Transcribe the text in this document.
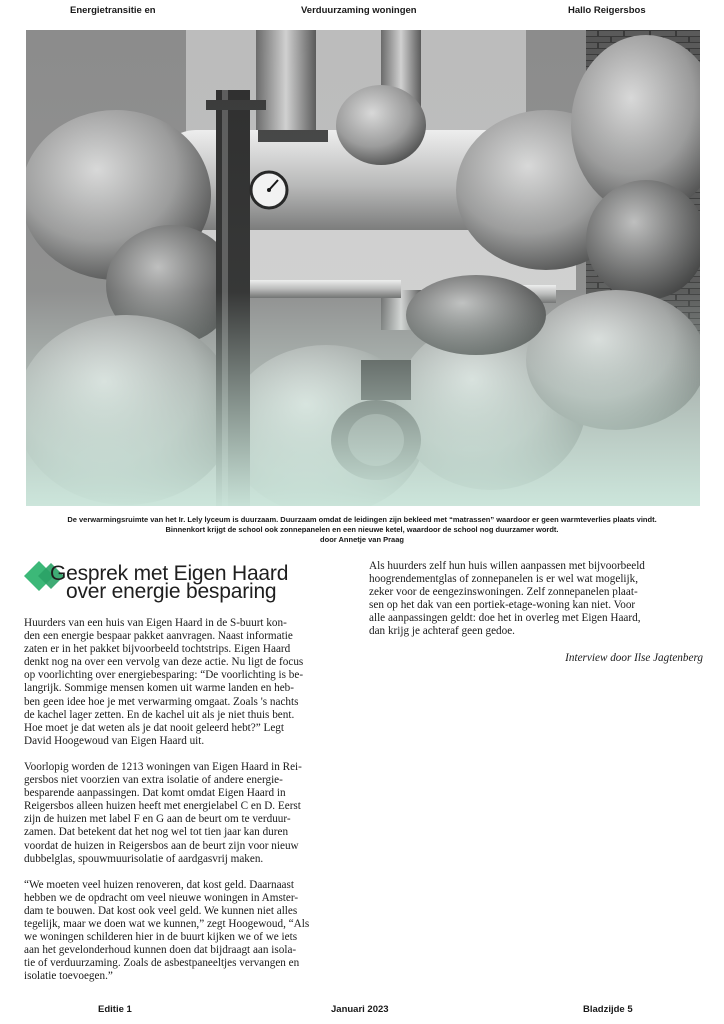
Energietransitie en	Verduurzaming woningen	Hallo Reigersbos
De verwarmingsruimte van het Ir. Lely lyceum is duurzaam. Duurzaam omdat de leidingen zijn bekleed met “matrassen” waardoor er geen warmteverlies plaats vindt.
Binnenkort krijgt de school ook zonnepanelen en een nieuwe ketel, waardoor de school nog duurzamer wordt.
door Annetje van Praag
Gesprek met Eigen Haard
over energie besparing

Huurders van een huis van Eigen Haard in de S-buurt kon-
den een energie bespaar pakket aanvragen. Naast informatie
zaten er in het pakket bijvoorbeeld tochtstrips. Eigen Haard
denkt nog na over een vervolg van deze actie. Nu ligt de focus
op voorlichting over energiebesparing: “De voorlichting is be-
langrijk. Sommige mensen komen uit warme landen en heb-
ben geen idee hoe je met verwarming omgaat. Zoals 's nachts
de kachel lager zetten. En de kachel uit als je niet thuis bent.
Hoe moet je dat weten als je dat nooit geleerd hebt?” Legt
David Hoogewoud van Eigen Haard uit.

Voorlopig worden de 1213 woningen van Eigen Haard in Rei-
gersbos niet voorzien van extra isolatie of andere energie-
besparende aanpassingen. Dat komt omdat Eigen Haard in
Reigersbos alleen huizen heeft met energielabel C en D. Eerst
zijn de huizen met label F en G aan de beurt om te verduur-
zamen. Dat betekent dat het nog wel tot tien jaar kan duren
voordat de huizen in Reigersbos aan de beurt zijn voor nieuw
dubbelglas, spouwmuurisolatie of aardgasvrij maken.

“We moeten veel huizen renoveren, dat kost geld. Daarnaast
hebben we de opdracht om veel nieuwe woningen in Amster-
dam te bouwen. Dat kost ook veel geld. We kunnen niet alles
tegelijk, maar we doen wat we kunnen,” zegt Hoogewoud, “Als
we woningen schilderen hier in de buurt kijken we of we iets
aan het gevelonderhoud kunnen doen dat bijdraagt aan isola-
tie of verduurzaming. Zoals de asbestpaneeltjes vervangen en
isolatie toevoegen.”

Als huurders zelf hun huis willen aanpassen met bijvoorbeeld
hoogrendementglas of zonnepanelen is er wel wat mogelijk,
zeker voor de eengezinswoningen. Zelf zonnepanelen plaat-
sen op het dak van een portiek-etage-woning kan niet. Voor
alle aanpassingen geldt: doe het in overleg met Eigen Haard,
dan krijg je achteraf geen gedoe.

Interview door Ilse Jagtenberg

Editie 1	Januari 2023	Bladzijde 5
